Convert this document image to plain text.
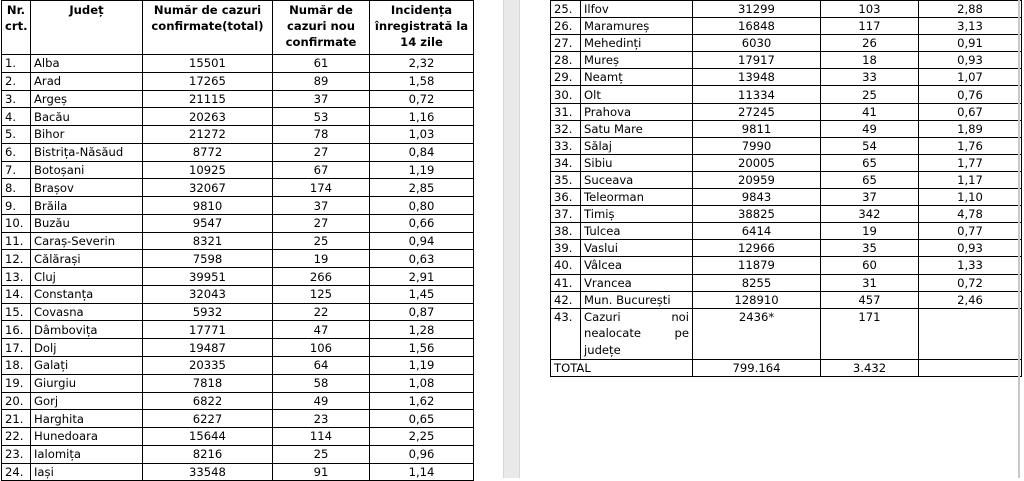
Nr. crt.	Județ	Număr de cazuri confirmate(total)	Număr de cazuri nou confirmate	Incidența înregistrată la 14 zile
1.	Alba	15501	61	2,32
2.	Arad	17265	89	1,58
3.	Argeș	21115	37	0,72
4.	Bacău	20263	53	1,16
5.	Bihor	21272	78	1,03
6.	Bistrița-Năsăud	8772	27	0,84
7.	Botoșani	10925	67	1,19
8.	Brașov	32067	174	2,85
9.	Brăila	9810	37	0,80
10.	Buzău	9547	27	0,66
11.	Caraș-Severin	8321	25	0,94
12.	Călărași	7598	19	0,63
13.	Cluj	39951	266	2,91
14.	Constanța	32043	125	1,45
15.	Covasna	5932	22	0,87
16.	Dâmbovița	17771	47	1,28
17.	Dolj	19487	106	1,56
18.	Galați	20335	64	1,19
19.	Giurgiu	7818	58	1,08
20.	Gorj	6822	49	1,62
21.	Harghita	6227	23	0,65
22.	Hunedoara	15644	114	2,25
23.	Ialomița	8216	25	0,96
24.	Iași	33548	91	1,14
25.	Ilfov	31299	103	2,88
26.	Maramureș	16848	117	3,13
27.	Mehedinți	6030	26	0,91
28.	Mureș	17917	18	0,93
29.	Neamț	13948	33	1,07
30.	Olt	11334	25	0,76
31.	Prahova	27245	41	0,67
32.	Satu Mare	9811	49	1,89
33.	Sălaj	7990	54	1,76
34.	Sibiu	20005	65	1,77
35.	Suceava	20959	65	1,17
36.	Teleorman	9843	37	1,10
37.	Timiș	38825	342	4,78
38.	Tulcea	6414	19	0,77
39.	Vaslui	12966	35	0,93
40.	Vâlcea	11879	60	1,33
41.	Vrancea	8255	31	0,72
42.	Mun. București	128910	457	2,46
43.	Cazuri noi nealocate pe județe	2436*	171	
TOTAL		799.164	3.432	
